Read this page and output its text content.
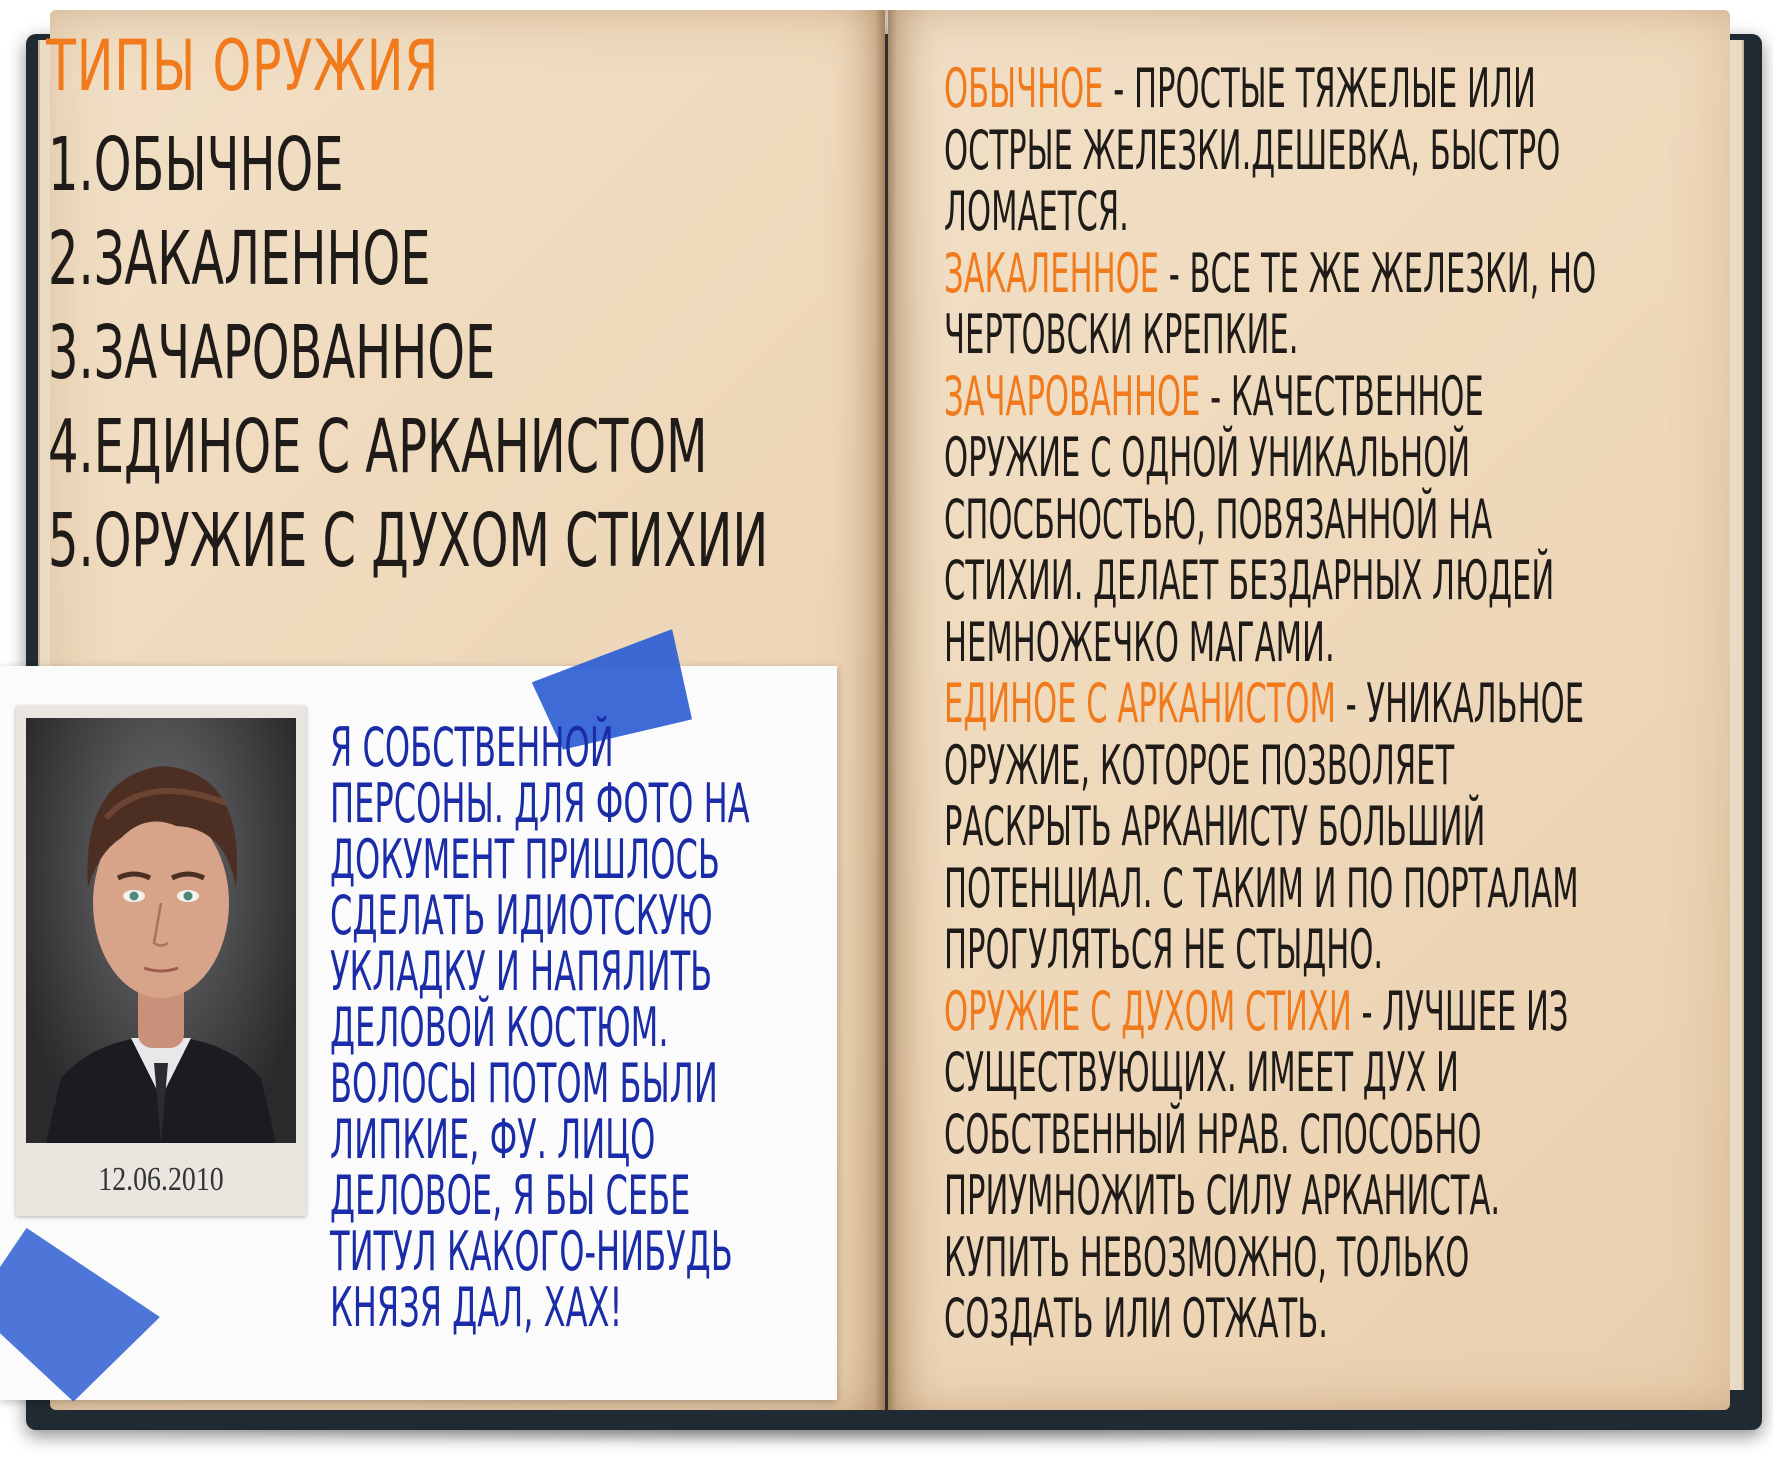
ТИПЫ ОРУЖИЯ
1.ОБЫЧНОЕ
2.ЗАКАЛЕННОЕ
3.ЗАЧАРОВАННОЕ
4.ЕДИНОЕ С АРКАНИСТОМ
5.ОРУЖИЕ С ДУХОМ СТИХИИ
12.06.2010
Я СОБСТВЕННОЙ ПЕРСОНЫ. ДЛЯ ФОТО НА ДОКУМЕНТ ПРИШЛОСЬ СДЕЛАТЬ ИДИОТСКУЮ УКЛАДКУ И НАПЯЛИТЬ ДЕЛОВОЙ КОСТЮМ. ВОЛОСЫ ПОТОМ БЫЛИ ЛИПКИЕ, ФУ. ЛИЦО ДЕЛОВОЕ, Я БЫ СЕБЕ ТИТУЛ КАКОГО-НИБУДЬ КНЯЗЯ ДАЛ, ХАХ!

ОБЫЧНОЕ - ПРОСТЫЕ ТЯЖЕЛЫЕ ИЛИ ОСТРЫЕ ЖЕЛЕЗКИ.ДЕШЕВКА, БЫСТРО ЛОМАЕТСЯ.

ЗАКАЛЕННОЕ - ВСЕ ТЕ ЖЕ ЖЕЛЕЗКИ, НО ЧЕРТОВСКИ КРЕПКИЕ.

ЗАЧАРОВАННОЕ - КАЧЕСТВЕННОЕ ОРУЖИЕ С ОДНОЙ УНИКАЛЬНОЙ СПОСБНОСТЬЮ, ПОВЯЗАННОЙ НА СТИХИИ. ДЕЛАЕТ БЕЗДАРНЫХ ЛЮДЕЙ НЕМНОЖЕЧКО МАГАМИ.

ЕДИНОЕ С АРКАНИСТОМ - УНИКАЛЬНОЕ ОРУЖИЕ, КОТОРОЕ ПОЗВОЛЯЕТ РАСКРЫТЬ АРКАНИСТУ БОЛЬШИЙ ПОТЕНЦИАЛ. С ТАКИМ И ПО ПОРТАЛАМ ПРОГУЛЯТЬСЯ НЕ СТЫДНО.

ОРУЖИЕ С ДУХОМ СТИХИ - ЛУЧШЕЕ ИЗ СУЩЕСТВУЮЩИХ. ИМЕЕТ ДУХ И СОБСТВЕННЫЙ НРАВ. СПОСОБНО ПРИУМНОЖИТЬ СИЛУ АРКАНИСТА. КУПИТЬ НЕВОЗМОЖНО, ТОЛЬКО СОЗДАТЬ ИЛИ ОТЖАТЬ.
